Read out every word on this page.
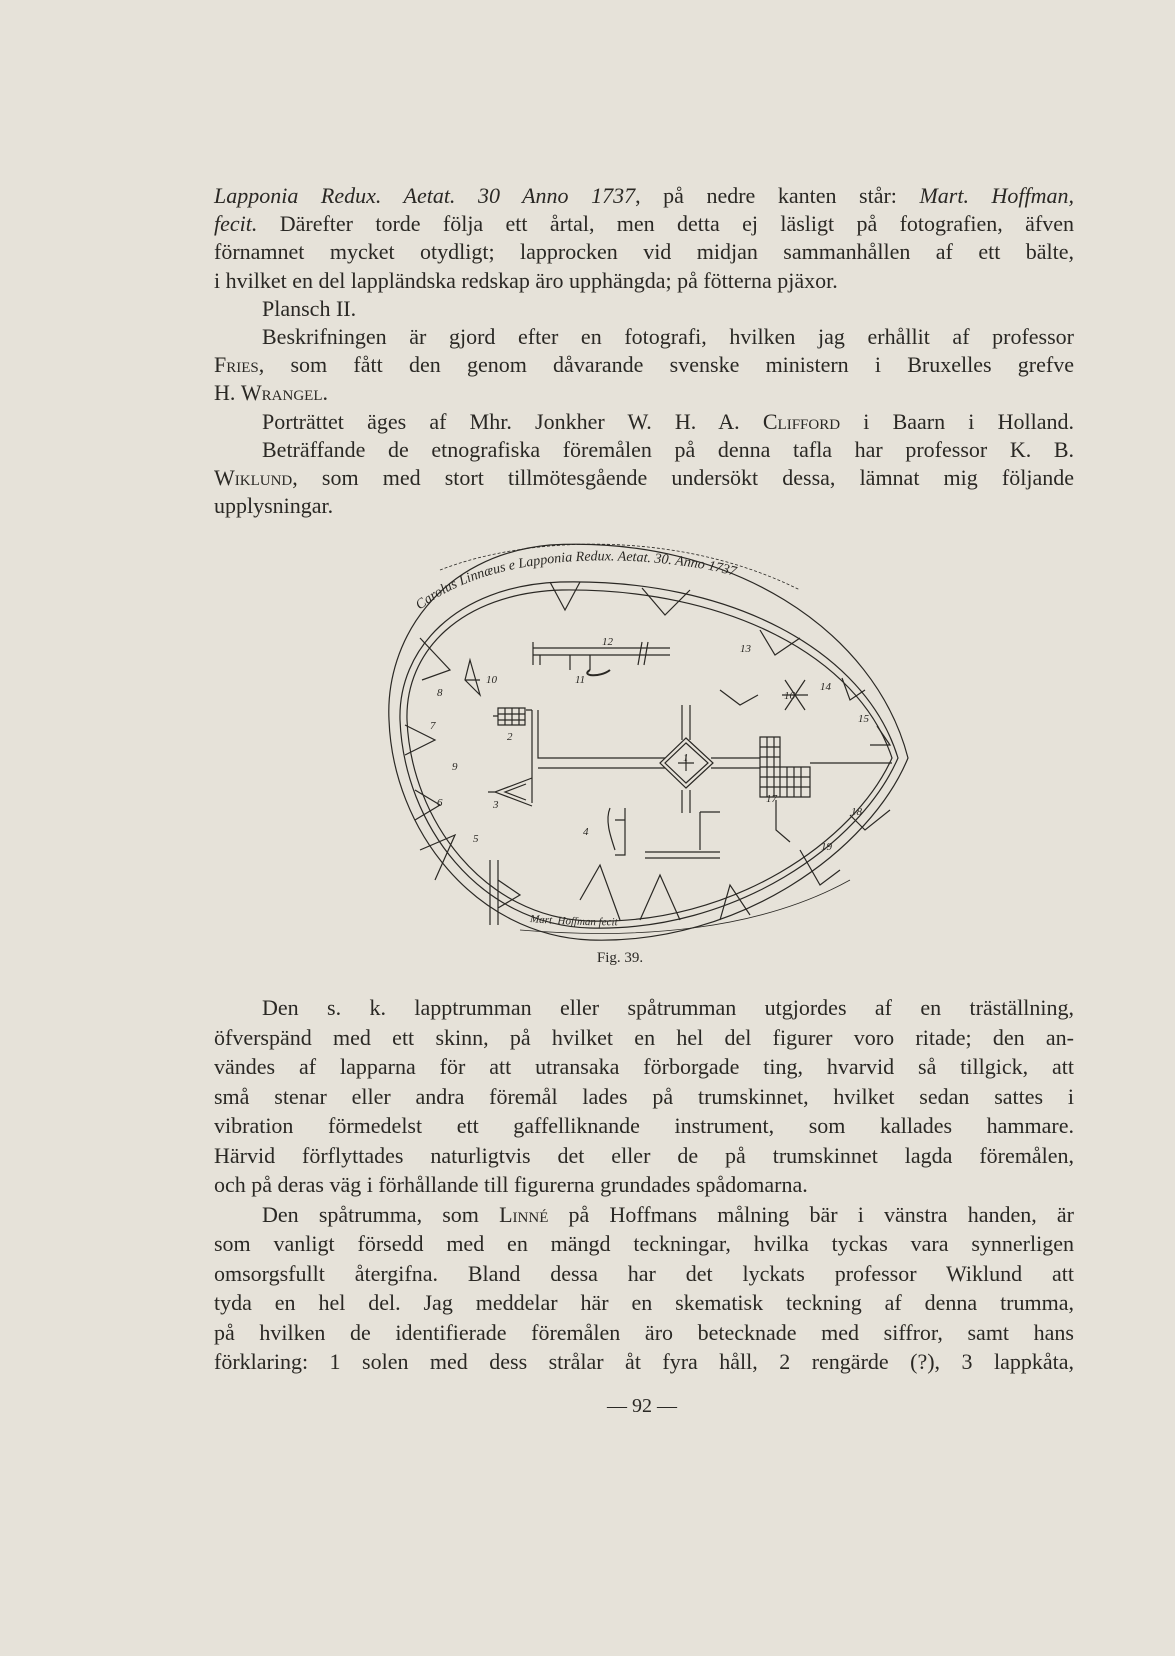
Lapponia Redux. Aetat. 30 Anno 1737, på nedre kanten står: Mart. Hoffman,
fecit. Därefter torde följa ett årtal, men detta ej läsligt på fotografien, äfven
förnamnet mycket otydligt; lapprocken vid midjan sammanhållen af ett bälte,
i hvilket en del lappländska redskap äro upphängda; på fötterna pjäxor.
Plansch II.
Beskrifningen är gjord efter en fotografi, hvilken jag erhållit af professor
Fries, som fått den genom dåvarande svenske ministern i Bruxelles grefve
H. Wrangel.
Porträttet äges af Mhr. Jonkher W. H. A. Clifford i Baarn i Holland.
Beträffande de etnografiska föremålen på denna tafla har professor K. B.
Wiklund, som med stort tillmötesgående undersökt dessa, lämnat mig följande
upplysningar.
Carolus Linnæus e Lapponia Redux. Aetat. 30. Anno 1737
Mart. Hoffman fecit
1
2
3
4
5
6
7
8
9
10	11
12
13
14
15
16
17
18
19
Fig. 39.
Den s. k. lapptrumman eller spåtrumman utgjordes af en träställning,
öfverspänd med ett skinn, på hvilket en hel del figurer voro ritade; den an-
vändes af lapparna för att utransaka förborgade ting, hvarvid så tillgick, att
små stenar eller andra föremål lades på trumskinnet, hvilket sedan sattes i
vibration förmedelst ett gaffelliknande instrument, som kallades hammare.
Härvid förflyttades naturligtvis det eller de på trumskinnet lagda föremålen,
och på deras väg i förhållande till figurerna grundades spådomarna.
Den spåtrumma, som Linné på Hoffmans målning bär i vänstra handen, är
som vanligt försedd med en mängd teckningar, hvilka tyckas vara synnerligen
omsorgsfullt återgifna. Bland dessa har det lyckats professor Wiklund att
tyda en hel del. Jag meddelar här en skematisk teckning af denna trumma,
på hvilken de identifierade föremålen äro betecknade med siffror, samt hans
förklaring: 1 solen med dess strålar åt fyra håll, 2 rengärde (?), 3 lappkåta,
— 92 —
